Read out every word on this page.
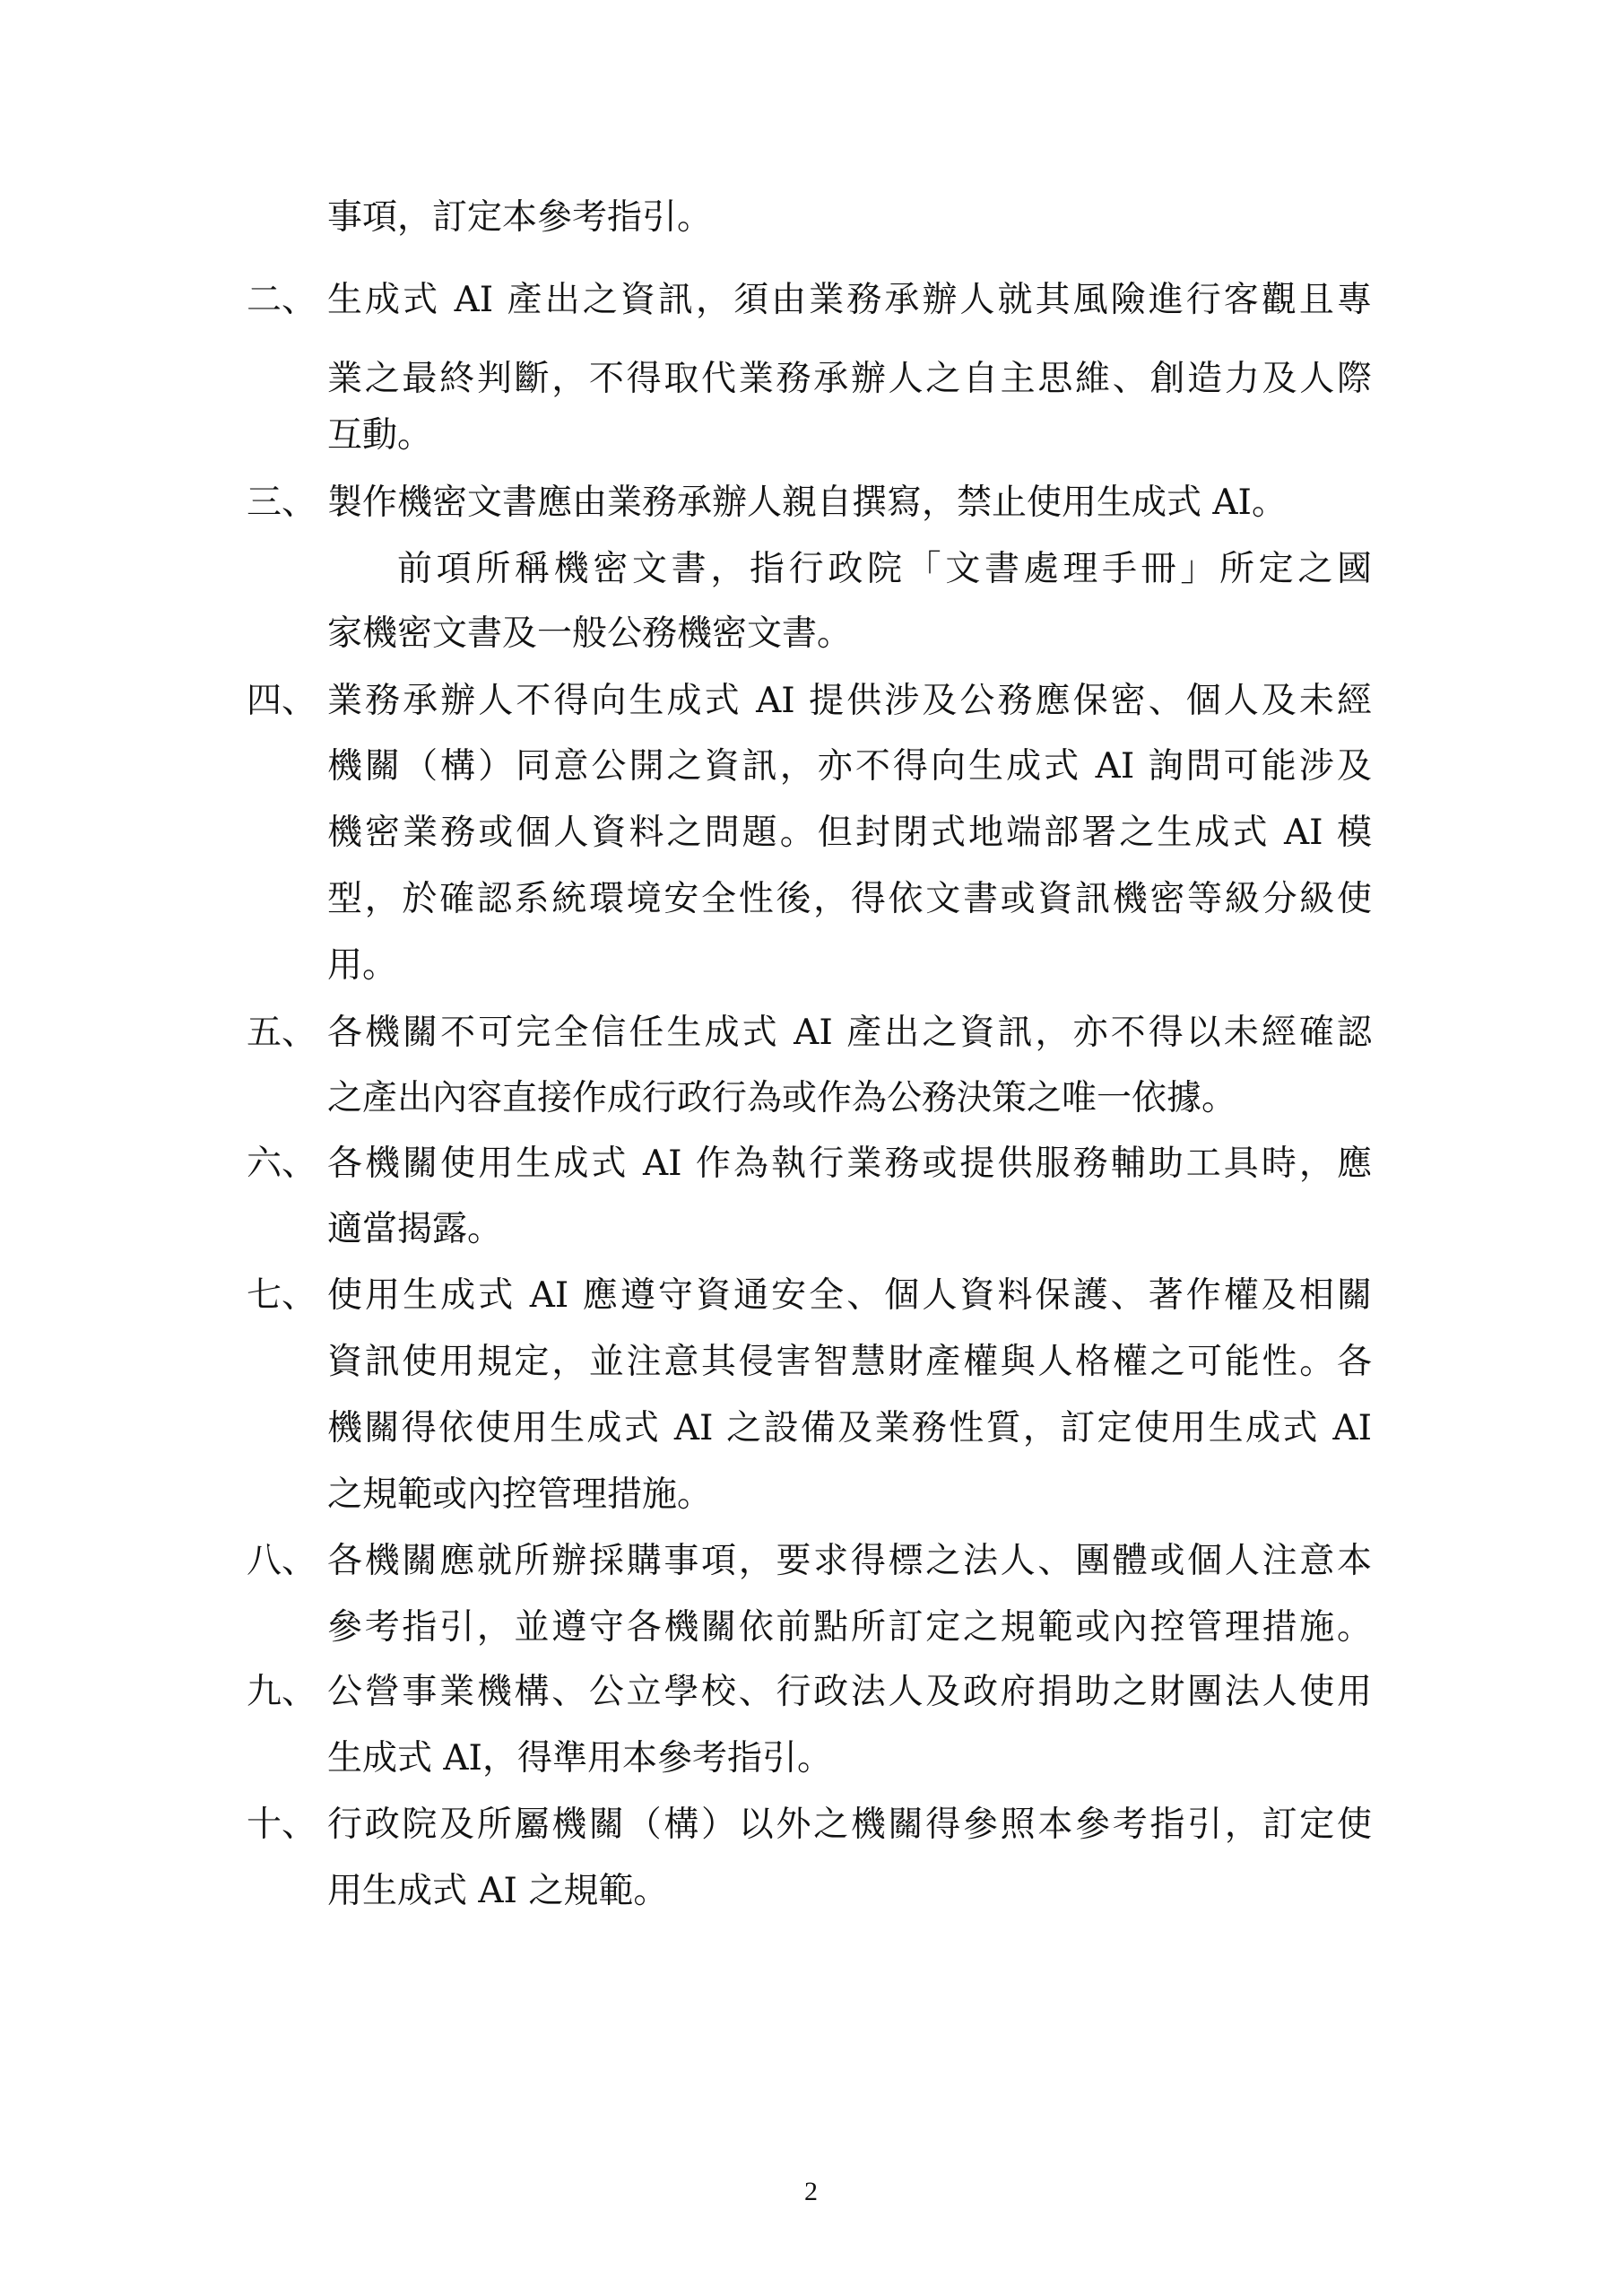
事項，訂定本參考指引。
二、 生成式 AI 產出之資訊，須由業務承辦人就其風險進行客觀且專
業之最終判斷，不得取代業務承辦人之自主思維、創造力及人際
互動。
三、 製作機密文書應由業務承辦人親自撰寫，禁止使用生成式 AI。
前項所稱機密文書，指行政院「文書處理手冊」所定之國
家機密文書及一般公務機密文書。
四、 業務承辦人不得向生成式 AI 提供涉及公務應保密、個人及未經
機關（構）同意公開之資訊，亦不得向生成式 AI 詢問可能涉及
機密業務或個人資料之問題。但封閉式地端部署之生成式 AI 模
型，於確認系統環境安全性後，得依文書或資訊機密等級分級使
用。
五、 各機關不可完全信任生成式 AI 產出之資訊，亦不得以未經確認
之產出內容直接作成行政行為或作為公務決策之唯一依據。
六、 各機關使用生成式 AI 作為執行業務或提供服務輔助工具時，應
適當揭露。
七、 使用生成式 AI 應遵守資通安全、個人資料保護、著作權及相關
資訊使用規定，並注意其侵害智慧財產權與人格權之可能性。各
機關得依使用生成式 AI 之設備及業務性質，訂定使用生成式 AI
之規範或內控管理措施。
八、 各機關應就所辦採購事項，要求得標之法人、團體或個人注意本
參考指引，並遵守各機關依前點所訂定之規範或內控管理措施。
九、 公營事業機構、公立學校、行政法人及政府捐助之財團法人使用
生成式 AI，得準用本參考指引。
十、 行政院及所屬機關（構）以外之機關得參照本參考指引，訂定使
用生成式 AI 之規範。
2
